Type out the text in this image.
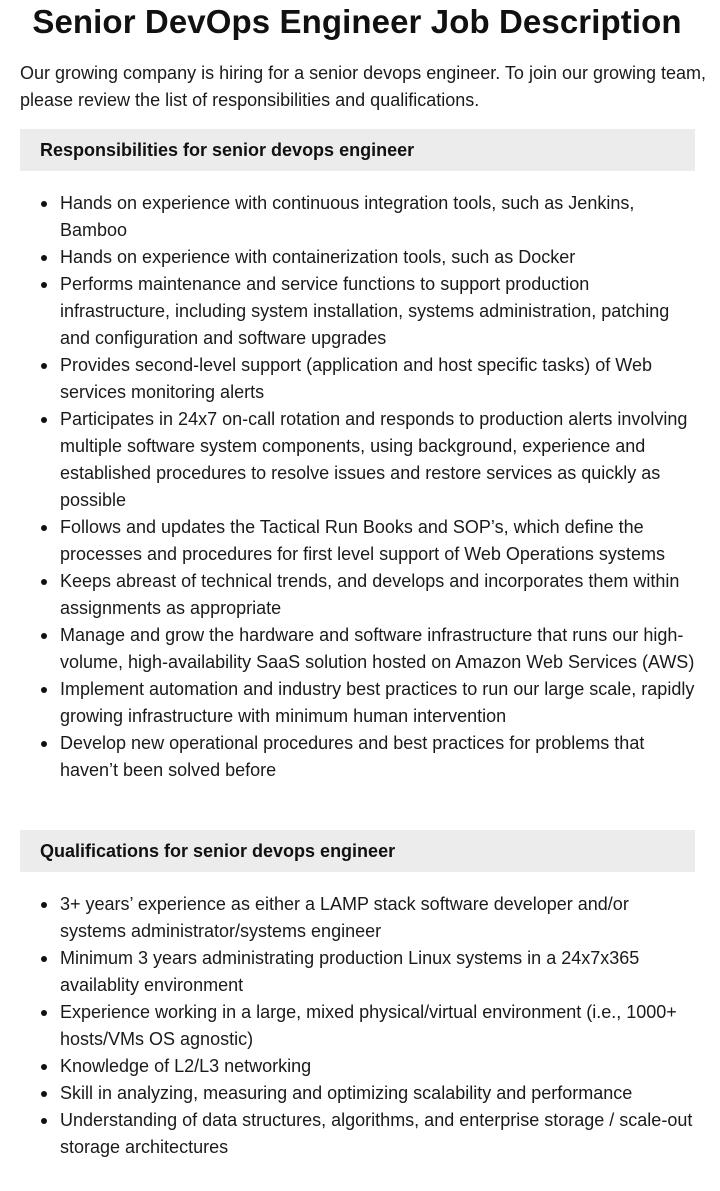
Senior DevOps Engineer Job Description

Our growing company is hiring for a senior devops engineer. To join our growing team, please review the list of responsibilities and qualifications.

Responsibilities for senior devops engineer
Hands on experience with continuous integration tools, such as Jenkins, Bamboo
Hands on experience with containerization tools, such as Docker
Performs maintenance and service functions to support production infrastructure, including system installation, systems administration, patching and configuration and software upgrades
Provides second-level support (application and host specific tasks) of Web services monitoring alerts
Participates in 24x7 on-call rotation and responds to production alerts involving multiple software system components, using background, experience and established procedures to resolve issues and restore services as quickly as possible
Follows and updates the Tactical Run Books and SOP’s, which define the processes and procedures for first level support of Web Operations systems
Keeps abreast of technical trends, and develops and incorporates them within assignments as appropriate
Manage and grow the hardware and software infrastructure that runs our high-volume, high-availability SaaS solution hosted on Amazon Web Services (AWS)
Implement automation and industry best practices to run our large scale, rapidly growing infrastructure with minimum human intervention
Develop new operational procedures and best practices for problems that haven’t been solved before
Qualifications for senior devops engineer
3+ years’ experience as either a LAMP stack software developer and/or systems administrator/systems engineer
Minimum 3 years administrating production Linux systems in a 24x7x365 availablity environment
Experience working in a large, mixed physical/virtual environment (i.e., 1000+ hosts/VMs OS agnostic)
Knowledge of L2/L3 networking
Skill in analyzing, measuring and optimizing scalability and performance
Understanding of data structures, algorithms, and enterprise storage / scale-out storage architectures
